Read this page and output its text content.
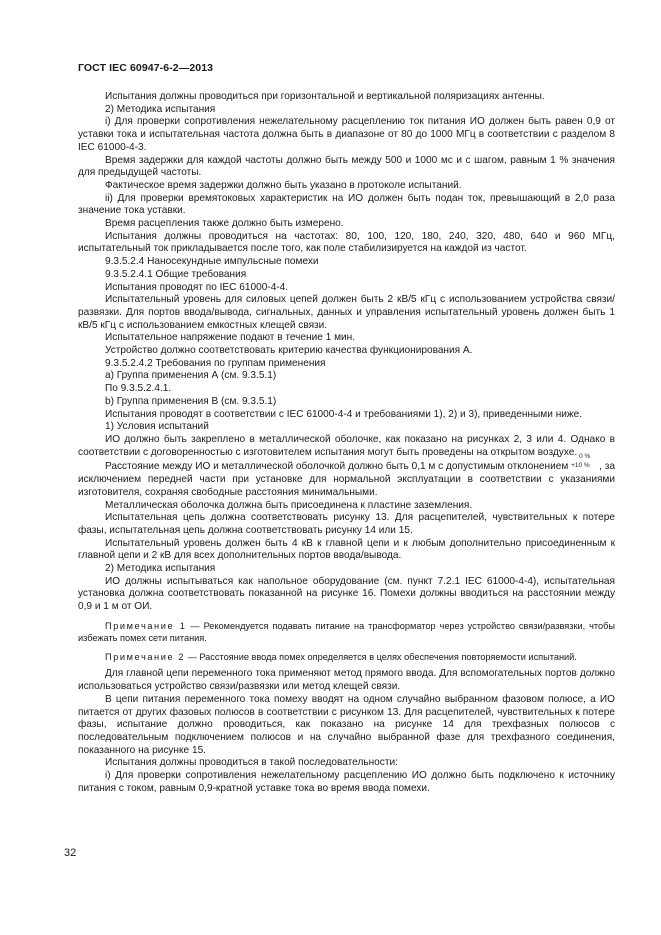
ГОСТ IEC 60947-6-2—2013

Испытания должны проводиться при горизонтальной и вертикальной поляризациях антенны.

2) Методика испытания

i) Для проверки сопротивления нежелательному расцеплению ток питания ИО должен быть равен 0,9 от уставки тока и испытательная частота должна быть в диапазоне от 80 до 1000 МГц в соответствии с разделом 8 IEC 61000-4-3.

Время задержки для каждой частоты должно быть между 500 и 1000 мс и с шагом, равным 1 % значения для предыдущей частоты.

Фактическое время задержки должно быть указано в протоколе испытаний.

ii) Для проверки времятоковых характеристик на ИО должен быть подан ток, превышающий в 2,0 раза значение тока уставки.

Время расцепления также должно быть измерено.

Испытания должны проводиться на частотах: 80, 100, 120, 180, 240, 320, 480, 640 и 960 МГц, испытательный ток прикладывается после того, как поле стабилизируется на каждой из частот.

9.3.5.2.4 Наносекундные импульсные помехи

9.3.5.2.4.1 Общие требования

Испытания проводят по IEC 61000-4-4.

Испытательный уровень для силовых цепей должен быть 2 кВ/5 кГц с использованием устройства связи/развязки. Для портов ввода/вывода, сигнальных, данных и управления испытательный уровень должен быть 1 кВ/5 кГц с использованием емкостных клещей связи.

Испытательное напряжение подают в течение 1 мин.

Устройство должно соответствовать критерию качества функционирования А.

9.3.5.2.4.2 Требования по группам применения

а) Группа применения А (см. 9.3.5.1)

По 9.3.5.2.4.1.

b) Группа применения В (см. 9.3.5.1)

Испытания проводят в соответствии с IEC 61000-4-4 и требованиями 1), 2) и 3), приведенными ниже.

1) Условия испытаний

ИО должно быть закреплено в металлической оболочке, как показано на рисунках 2, 3 или 4. Однако в соответствии с договоренностью с изготовителем испытания могут быть проведены на открытом воздухе.

Расстояние между ИО и металлической оболочкой должно быть 0,1 м с допустимым отклонением
0 %
+10 % , за исключением передней части при установке для нормальной эксплуатации в соответствии с указаниями изготовителя, сохраняя свободные расстояния минимальными.

Металлическая оболочка должна быть присоединена к пластине заземления.

Испытательная цепь должна соответствовать рисунку 13. Для расцепителей, чувствительных к потере фазы, испытательная цепь должна соответствовать рисунку 14 или 15.

Испытательный уровень должен быть 4 кВ к главной цепи и к любым дополнительно присоединенным к главной цепи и 2 кВ для всех дополнительных портов ввода/вывода.

2) Методика испытания

ИО должны испытываться как напольное оборудование (см. пункт 7.2.1 IEC 61000-4-4), испытательная установка должна соответствовать показанной на рисунке 16. Помехи должны вводиться на расстоянии между 0,9 и 1 м от ОИ.

Примечание 1 — Рекомендуется подавать питание на трансформатор через устройство связи/развязки, чтобы избежать помех сети питания.

Примечание 2 — Расстояние ввода помех определяется в целях обеспечения повторяемости испытаний.

Для главной цепи переменного тока применяют метод прямого ввода. Для вспомогательных портов должно использоваться устройство связи/развязки или метод клещей связи.

В цепи питания переменного тока помеху вводят на одном случайно выбранном фазовом полюсе, а ИО питается от других фазовых полюсов в соответствии с рисунком 13. Для расцепителей, чувствительных к потере фазы, испытание должно проводиться, как показано на рисунке 14 для трехфазных полюсов с последовательным подключением полюсов и на случайно выбранной фазе для трехфазного соединения, показанного на рисунке 15.

Испытания должны проводиться в такой последовательности:

i) Для проверки сопротивления нежелательному расцеплению ИО должно быть подключено к источнику питания с током, равным 0,9-кратной уставке тока во время ввода помехи.

32
